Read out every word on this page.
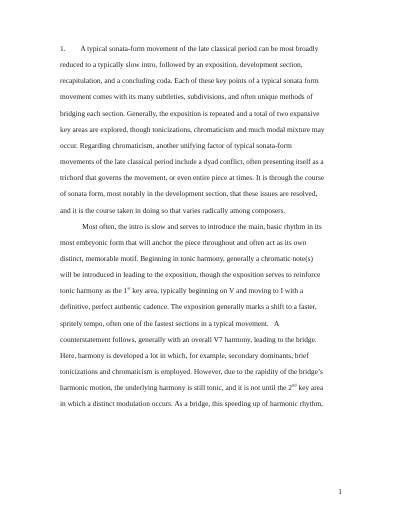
1.  A typical sonata-form movement of the late classical period can be most broadly
reduced to a typically slow intro, followed by an exposition, development section,
recapitulation, and a concluding coda. Each of these key points of a typical sonata form
movement comes with its many subtleties, subdivisions, and often unique methods of
bridging each section. Generally, the exposition is repeated and a total of two expansive
key areas are explored, though tonicizations, chromaticism and much modal mixture may
occur. Regarding chromaticism, another unifying factor of typical sonata-form
movements of the late classical period include a dyad conflict, often presenting itself as a
trichord that governs the movement, or even entire piece at times. It is through the course
of sonata form, most notably in the development section, that these issues are resolved,
and it is the course taken in doing so that varies radically among composers.
   Most often, the intro is slow and serves to introduce the main, basic rhythm in its
most embryonic form that will anchor the piece throughout and often act as its own
distinct, memorable motif. Beginning in tonic harmony, generally a chromatic note(s)
will be introduced in leading to the exposition, though the exposition serves to reinforce
tonic harmony as the 1st key area, typically beginning on V and moving to I with a
definitive, perfect authentic cadence. The exposition generally marks a shift to a faster,
spritely tempo, often one of the fastest sections in a typical movement.  A
counterstatement follows, generally with an overall V7 harmony, leading to the bridge.
Here, harmony is developed a lot in which, for example, secondary dominants, brief
tonicizations and chromaticism is employed. However, due to the rapidity of the bridge’s
harmonic motion, the underlying harmony is still tonic, and it is not until the 2nd key area
in which a distinct modulation occurs. As a bridge, this speeding up of harmonic rhythm,
1
